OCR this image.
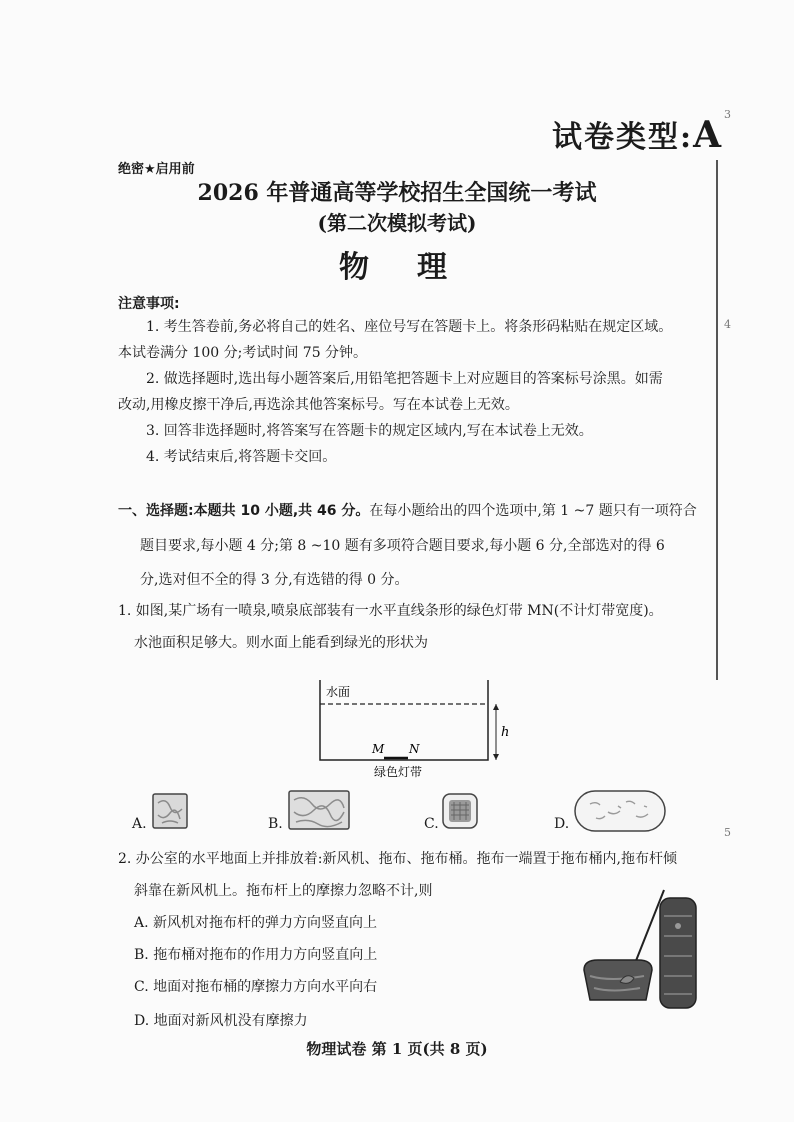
试卷类型:A 3
4
5
绝密★启用前
2026 年普通高等学校招生全国统一考试
(第二次模拟考试)
物理
注意事项:
1. 考生答卷前,务必将自己的姓名、座位号写在答题卡上。将条形码粘贴在规定区域。
本试卷满分 100 分;考试时间 75 分钟。
2. 做选择题时,选出每小题答案后,用铅笔把答题卡上对应题目的答案标号涂黑。如需
改动,用橡皮擦干净后,再选涂其他答案标号。写在本试卷上无效。
3. 回答非选择题时,将答案写在答题卡的规定区域内,写在本试卷上无效。
4. 考试结束后,将答题卡交回。
一、选择题:本题共 10 小题,共 46 分。在每小题给出的四个选项中,第 1 ~7 题只有一项符合
题目要求,每小题 4 分;第 8 ~10 题有多项符合题目要求,每小题 6 分,全部选对的得 6
分,选对但不全的得 3 分,有选错的得 0 分。
1. 如图,某广场有一喷泉,喷泉底部装有一水平直线条形的绿色灯带 MN(不计灯带宽度)。
水池面积足够大。则水面上能看到绿光的形状为
水面
h
M N
绿色灯带
A.	B.	C.	D.
2. 办公室的水平地面上并排放着:新风机、拖布、拖布桶。拖布一端置于拖布桶内,拖布杆倾
斜靠在新风机上。拖布杆上的摩擦力忽略不计,则
A. 新风机对拖布杆的弹力方向竖直向上
B. 拖布桶对拖布的作用力方向竖直向上
C. 地面对拖布桶的摩擦力方向水平向右
D. 地面对新风机没有摩擦力
物理试卷 第 1 页(共 8 页)
